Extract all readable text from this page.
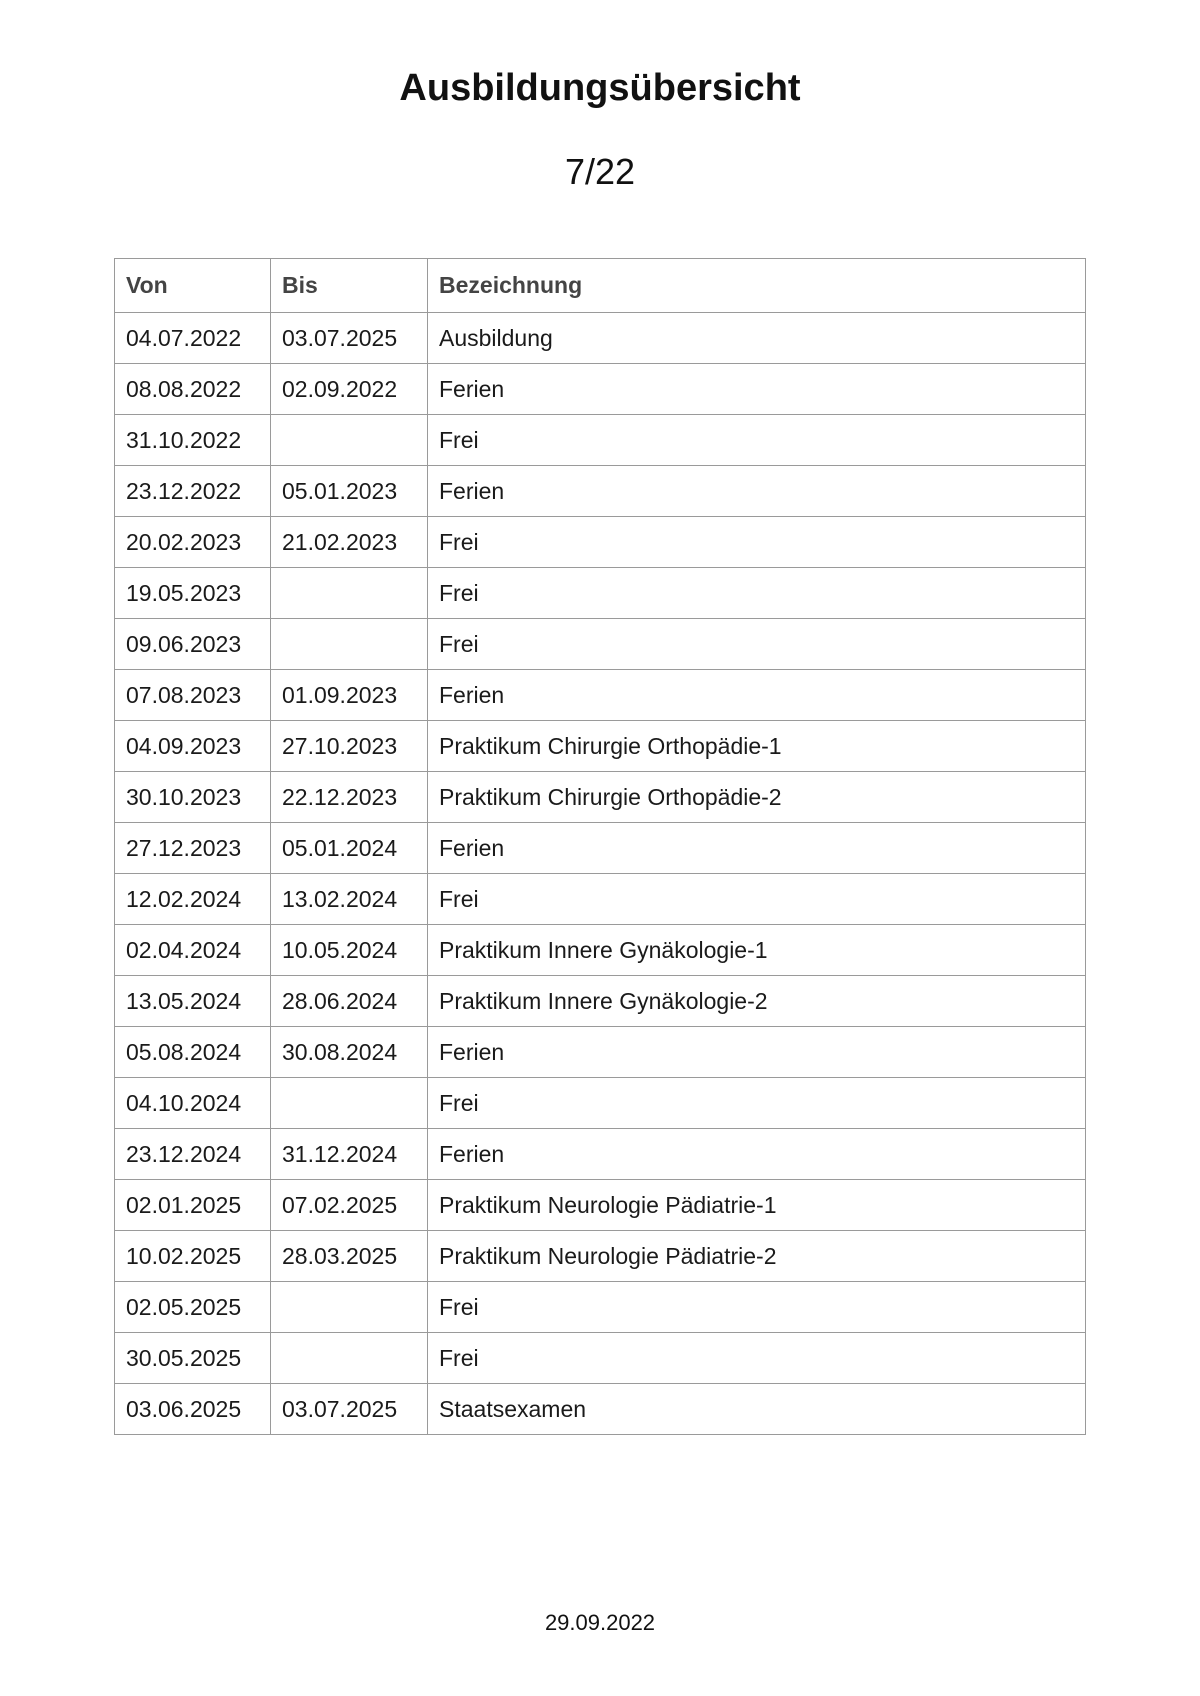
Ausbildungsübersicht
7/22
Von	Bis	Bezeichnung
04.07.2022	03.07.2025	Ausbildung
08.08.2022	02.09.2022	Ferien
31.10.2022		Frei
23.12.2022	05.01.2023	Ferien
20.02.2023	21.02.2023	Frei
19.05.2023		Frei
09.06.2023		Frei
07.08.2023	01.09.2023	Ferien
04.09.2023	27.10.2023	Praktikum Chirurgie Orthopädie-1
30.10.2023	22.12.2023	Praktikum Chirurgie Orthopädie-2
27.12.2023	05.01.2024	Ferien
12.02.2024	13.02.2024	Frei
02.04.2024	10.05.2024	Praktikum Innere Gynäkologie-1
13.05.2024	28.06.2024	Praktikum Innere Gynäkologie-2
05.08.2024	30.08.2024	Ferien
04.10.2024		Frei
23.12.2024	31.12.2024	Ferien
02.01.2025	07.02.2025	Praktikum Neurologie Pädiatrie-1
10.02.2025	28.03.2025	Praktikum Neurologie Pädiatrie-2
02.05.2025		Frei
30.05.2025		Frei
03.06.2025	03.07.2025	Staatsexamen
29.09.2022
